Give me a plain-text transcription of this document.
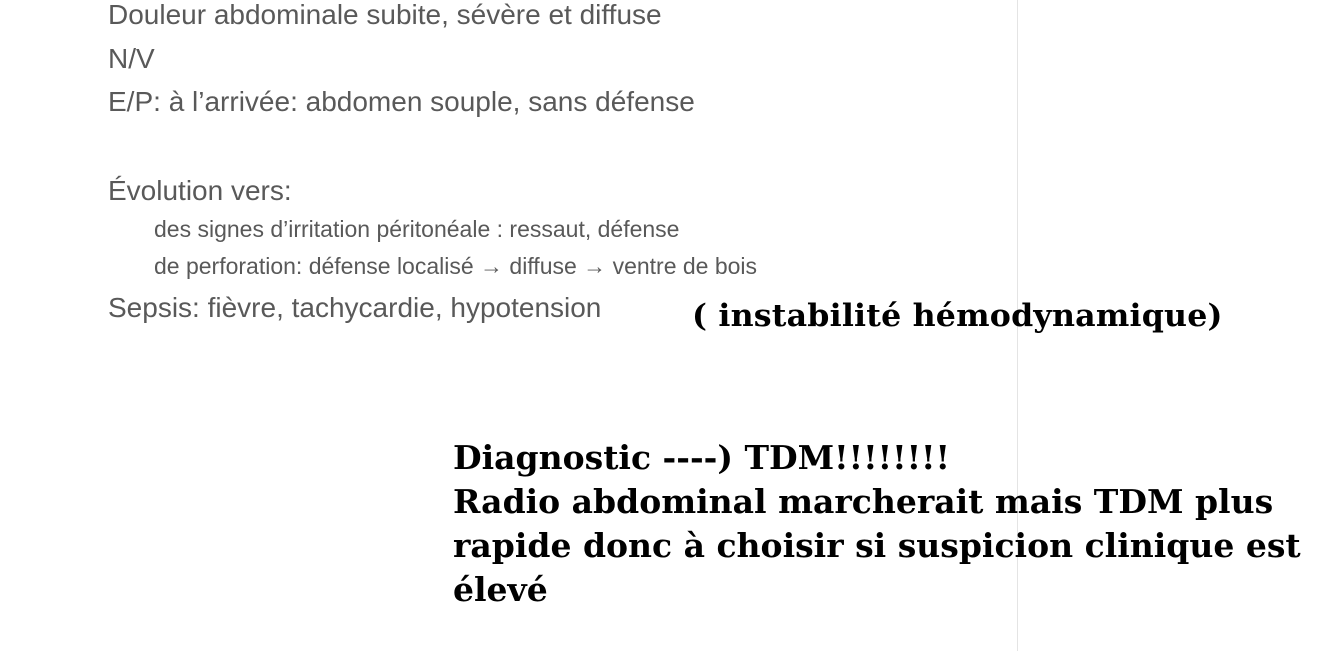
Douleur abdominale subite, sévère et diffuse
N/V
E/P: à l’arrivée: abdomen souple, sans défense
Évolution vers:
des signes d’irritation péritonéale : ressaut, défense
de perforation: défense localisé → diffuse → ventre de bois
Sepsis: fièvre, tachycardie, hypotension	( instabilité hémodynamique)
Diagnostic ----) TDM!!!!!!!!
Radio abdominal marcherait mais TDM plus
rapide donc à choisir si suspicion clinique est
élevé
